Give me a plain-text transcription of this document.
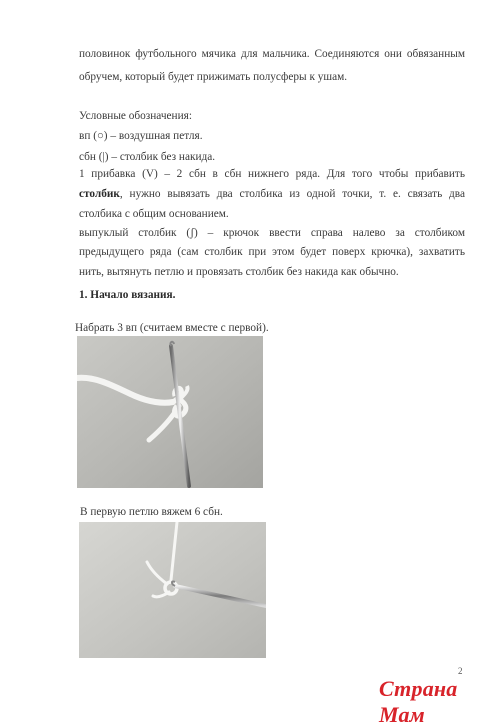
половинок футбольного мячика для мальчика. Соединяются они обвязанным

обручем, который будет прижимать полусферы к ушам.

Условные обозначения:

вп (○) – воздушная петля.

сбн (|) – столбик без накида.

1 прибавка (V) – 2 сбн в сбн нижнего ряда. Для того чтобы прибавить

столбик, нужно вывязать два столбика из одной точки, т. е. связать два

столбика с общим основанием.

выпуклый столбик (ʃ) – крючок ввести справа налево за столбиком

предыдущего ряда (сам столбик при этом будет поверх крючка), захватить

нить, вытянуть петлю и провязать столбик без накида как обычно.

1. Начало вязания.

Набрать 3 вп (считаем вместе с первой).

В первую петлю вяжем 6 сбн.

2
Страна Мам
